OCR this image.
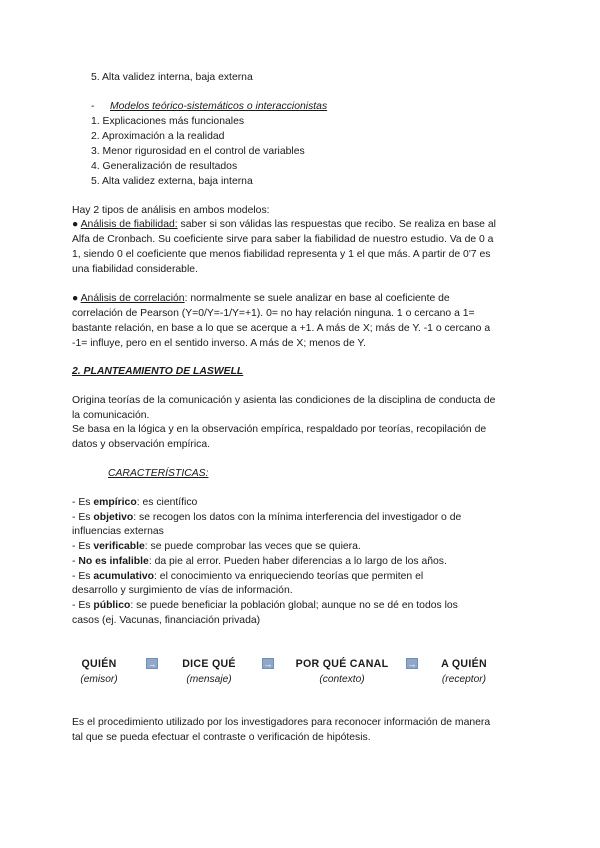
5. Alta validez interna, baja externa
- Modelos teórico-sistemáticos o interaccionistas
1. Explicaciones más funcionales
2. Aproximación a la realidad
3. Menor rigurosidad en el control de variables
4. Generalización de resultados
5. Alta validez externa, baja interna
Hay 2 tipos de análisis en ambos modelos:
● Análisis de fiabilidad: saber si son válidas las respuestas que recibo. Se realiza en base al
Alfa de Cronbach. Su coeficiente sirve para saber la fiabilidad de nuestro estudio. Va de 0 a
1, siendo 0 el coeficiente que menos fiabilidad representa y 1 el que más. A partir de 0'7 es
una fiabilidad considerable.
● Análisis de correlación: normalmente se suele analizar en base al coeficiente de
correlación de Pearson (Y=0/Y=-1/Y=+1). 0= no hay relación ninguna. 1 o cercano a 1=
bastante relación, en base a lo que se acerque a +1. A más de X; más de Y. -1 o cercano a
-1= influye, pero en el sentido inverso. A más de X; menos de Y.
2. PLANTEAMIENTO DE LASWELL
Origina teorías de la comunicación y asienta las condiciones de la disciplina de conducta de
la comunicación.
Se basa en la lógica y en la observación empírica, respaldado por teorías, recopilación de
datos y observación empírica.
CARACTERÍSTICAS:
- Es empírico: es científico
- Es objetivo: se recogen los datos con la mínima interferencia del investigador o de
influencias externas
- Es verificable: se puede comprobar las veces que se quiera.
- No es infalible: da pie al error. Pueden haber diferencias a lo largo de los años.
- Es acumulativo: el conocimiento va enriqueciendo teorías que permiten el
desarrollo y surgimiento de vías de información.
- Es público: se puede beneficiar la población global; aunque no se dé en todos los
casos (ej. Vacunas, financiación privada)
QUIÉN
(emisor)
→	DICE QUÉ
(mensaje)
→	POR QUÉ CANAL
(contexto)
→	A QUIÉN
(receptor)
Es el procedimiento utilizado por los investigadores para reconocer información de manera
tal que se pueda efectuar el contraste o verificación de hipótesis.
